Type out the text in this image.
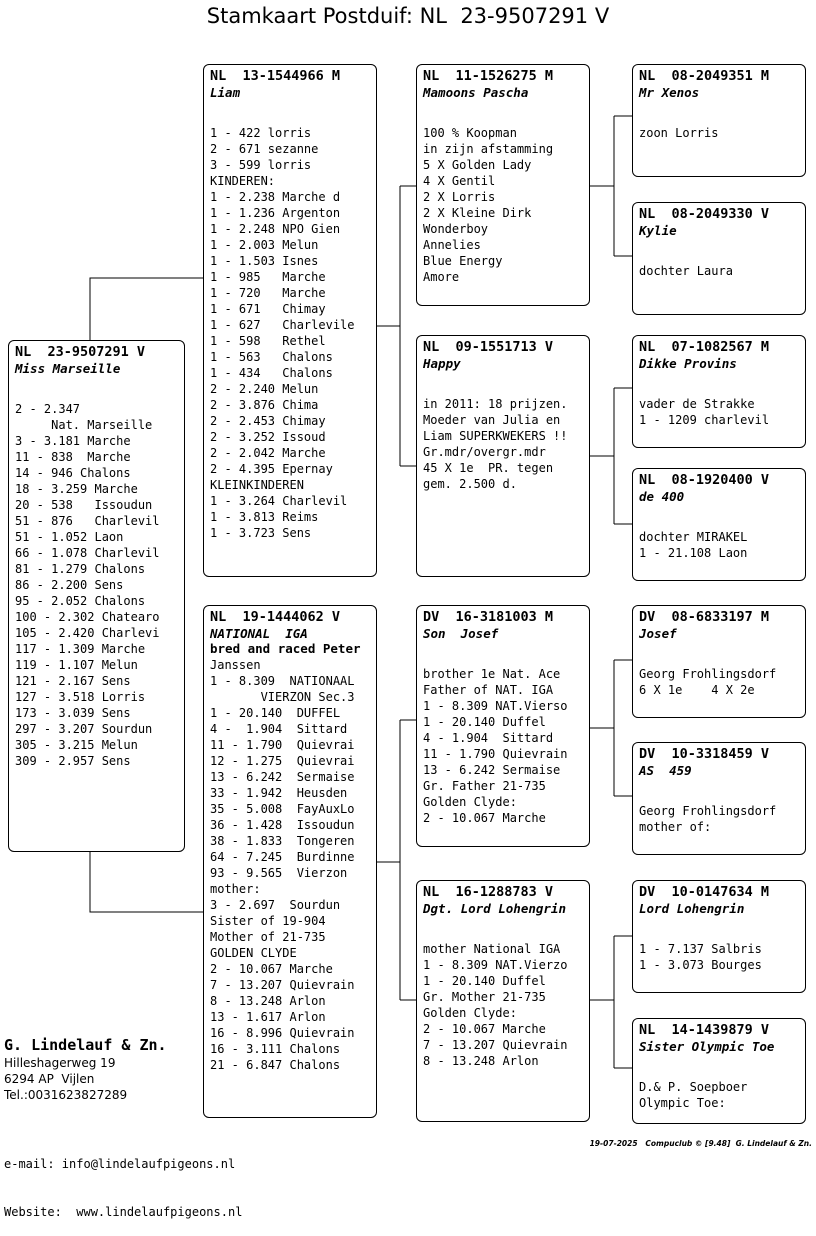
Stamkaart Postduif: NL  23-9507291 V
NL  23-9507291 V
Miss Marseille
2 - 2.347
Nat. Marseille
3 - 3.181 Marche
11 - 838  Marche
14 - 946 Chalons
18 - 3.259 Marche
20 - 538   Issoudun
51 - 876   Charlevil
51 - 1.052 Laon
66 - 1.078 Charlevil
81 - 1.279 Chalons
86 - 2.200 Sens
95 - 2.052 Chalons
100 - 2.302 Chatearo
105 - 2.420 Charlevi
117 - 1.309 Marche
119 - 1.107 Melun
121 - 2.167 Sens
127 - 3.518 Lorris
173 - 3.039 Sens
297 - 3.207 Sourdun
305 - 3.215 Melun
309 - 2.957 Sens
NL  13-1544966 M
Liam
1 - 422 lorris
2 - 671 sezanne
3 - 599 lorris
KINDEREN:
1 - 2.238 Marche d
1 - 1.236 Argenton
1 - 2.248 NPO Gien
1 - 2.003 Melun
1 - 1.503 Isnes
1 - 985   Marche
1 - 720   Marche
1 - 671   Chimay
1 - 627   Charlevile
1 - 598   Rethel
1 - 563   Chalons
1 - 434   Chalons
2 - 2.240 Melun
2 - 3.876 Chima
2 - 2.453 Chimay
2 - 3.252 Issoud
2 - 2.042 Marche
2 - 4.395 Epernay
KLEINKINDEREN
1 - 3.264 Charlevil
1 - 3.813 Reims
1 - 3.723 Sens
NL  19-1444062 V
NATIONAL  IGA
bred and raced Peter
Janssen
1 - 8.309  NATIONAAL
VIERZON Sec.3
1 - 20.140  DUFFEL
4 -  1.904  Sittard
11 - 1.790  Quievrai
12 - 1.275  Quievrai
13 - 6.242  Sermaise
33 - 1.942  Heusden
35 - 5.008  FayAuxLo
36 - 1.428  Issoudun
38 - 1.833  Tongeren
64 - 7.245  Burdinne
93 - 9.565  Vierzon
mother:
3 - 2.697  Sourdun
Sister of 19-904
Mother of 21-735
GOLDEN CLYDE
2 - 10.067 Marche
7 - 13.207 Quievrain
8 - 13.248 Arlon
13 - 1.617 Arlon
16 - 8.996 Quievrain
16 - 3.111 Chalons
21 - 6.847 Chalons
NL  11-1526275 M
Mamoons Pascha
100 % Koopman
in zijn afstamming
5 X Golden Lady
4 X Gentil
2 X Lorris
2 X Kleine Dirk
Wonderboy
Annelies
Blue Energy
Amore
NL  09-1551713 V
Happy
in 2011: 18 prijzen.
Moeder van Julia en
Liam SUPERKWEKERS !!
Gr.mdr/overgr.mdr
45 X 1e  PR. tegen
gem. 2.500 d.
DV  16-3181003 M
Son  Josef
brother 1e Nat. Ace
Father of NAT. IGA
1 - 8.309 NAT.Vierso
1 - 20.140 Duffel
4 - 1.904  Sittard
11 - 1.790 Quievrain
13 - 6.242 Sermaise
Gr. Father 21-735
Golden Clyde:
2 - 10.067 Marche
NL  16-1288783 V
Dgt. Lord Lohengrin
mother National IGA
1 - 8.309 NAT.Vierzo
1 - 20.140 Duffel
Gr. Mother 21-735
Golden Clyde:
2 - 10.067 Marche
7 - 13.207 Quievrain
8 - 13.248 Arlon
NL  08-2049351 M
Mr Xenos
zoon Lorris
NL  08-2049330 V
Kylie
dochter Laura
NL  07-1082567 M
Dikke Provins
vader de Strakke
1 - 1209 charlevil
NL  08-1920400 V
de 400
dochter MIRAKEL
1 - 21.108 Laon
DV  08-6833197 M
Josef
Georg Frohlingsdorf
6 X 1e    4 X 2e
DV  10-3318459 V
AS  459
Georg Frohlingsdorf
mother of:
DV  10-0147634 M
Lord Lohengrin
1 - 7.137 Salbris
1 - 3.073 Bourges
NL  14-1439879 V
Sister Olympic Toe
D.& P. Soepboer
Olympic Toe:
G. Lindelauf & Zn.
Hilleshagerweg 19
6294 AP  Vijlen
Tel.:0031623827289

e-mail: info@lindelaufpigeons.nl

Website:  www.lindelaufpigeons.nl

19-07-2025   Compuclub © [9.48]  G. Lindelauf & Zn.
